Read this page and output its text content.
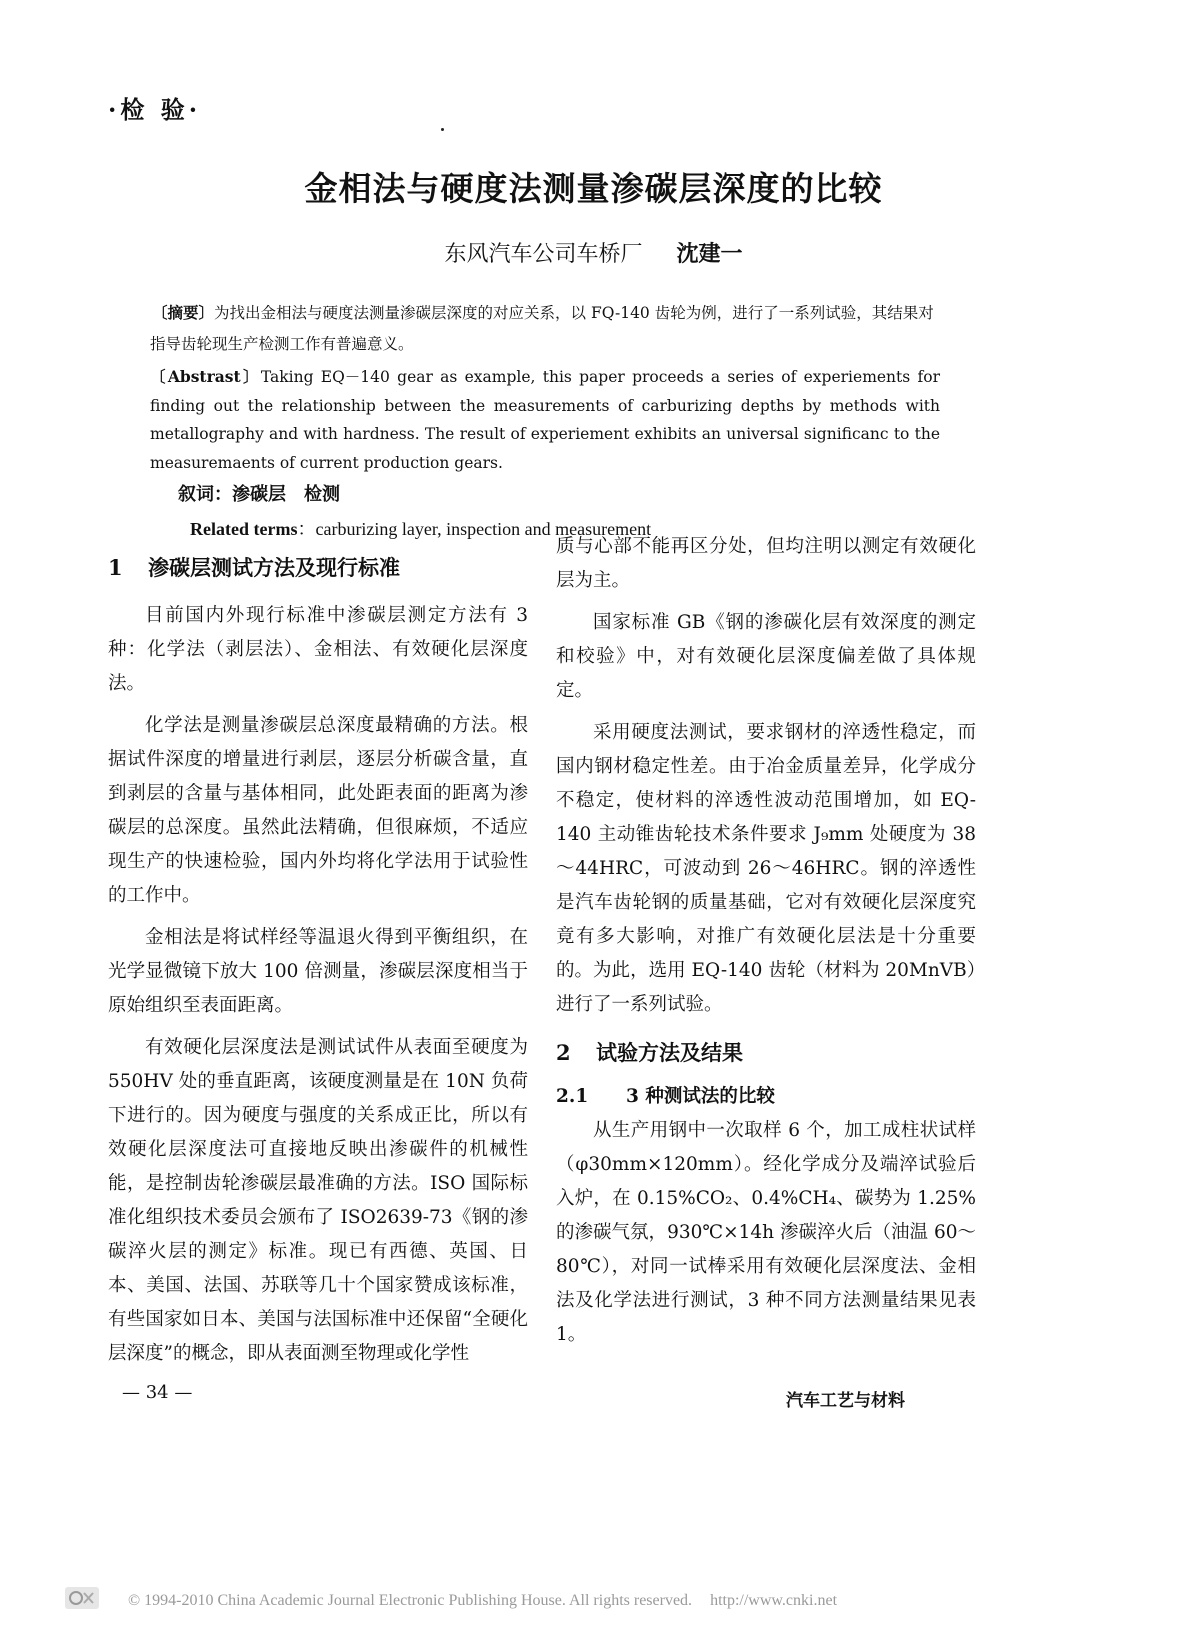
·检 验·
金相法与硬度法测量渗碳层深度的比较
东风汽车公司车桥厂 沈建一
〔摘要〕为找出金相法与硬度法测量渗碳层深度的对应关系，以 FQ-140 齿轮为例，进行了一系列试验，其结果对指导齿轮现生产检测工作有普遍意义。
〔Abstrast〕Taking EQ－140 gear as example, this paper proceeds a series of experiements for finding out the relationship between the measurements of carburizing depths by methods with metallography and with hardness. The result of experiement exhibits an universal significanc to the measuremaents of current production gears.
叙词：渗碳层　检测
Related terms：carburizing layer, inspection and measurement
1 渗碳层测试方法及现行标准

目前国内外现行标准中渗碳层测定方法有 3 种：化学法（剥层法）、金相法、有效硬化层深度法。

化学法是测量渗碳层总深度最精确的方法。根据试件深度的增量进行剥层，逐层分析碳含量，直到剥层的含量与基体相同，此处距表面的距离为渗碳层的总深度。虽然此法精确，但很麻烦，不适应现生产的快速检验，国内外均将化学法用于试验性的工作中。

金相法是将试样经等温退火得到平衡组织，在光学显微镜下放大 100 倍测量，渗碳层深度相当于原始组织至表面距离。

有效硬化层深度法是测试试件从表面至硬度为 550HV 处的垂直距离，该硬度测量是在 10N 负荷下进行的。因为硬度与强度的关系成正比，所以有效硬化层深度法可直接地反映出渗碳件的机械性能，是控制齿轮渗碳层最准确的方法。ISO 国际标准化组织技术委员会颁布了 ISO2639-73《钢的渗碳淬火层的测定》标准。现已有西德、英国、日本、美国、法国、苏联等几十个国家赞成该标准，有些国家如日本、美国与法国标准中还保留“全硬化层深度”的概念，即从表面测至物理或化学性

质与心部不能再区分处，但均注明以测定有效硬化层为主。

国家标准 GB《钢的渗碳化层有效深度的测定和校验》中，对有效硬化层深度偏差做了具体规定。

采用硬度法测试，要求钢材的淬透性稳定，而国内钢材稳定性差。由于冶金质量差异，化学成分不稳定，使材料的淬透性波动范围增加，如 EQ-140 主动锥齿轮技术条件要求 J₉mm 处硬度为 38～44HRC，可波动到 26～46HRC。钢的淬透性是汽车齿轮钢的质量基础，它对有效硬化层深度究竟有多大影响，对推广有效硬化层法是十分重要的。为此，选用 EQ-140 齿轮（材料为 20MnVB）进行了一系列试验。

2 试验方法及结果
2.1 3 种测试法的比较

从生产用钢中一次取样 6 个，加工成柱状试样（φ30mm×120mm）。经化学成分及端淬试验后入炉，在 0.15%CO₂、0.4%CH₄、碳势为 1.25%的渗碳气氛，930℃×14h 渗碳淬火后（油温 60～80℃），对同一试棒采用有效硬化层深度法、金相法及化学法进行测试，3 种不同方法测量结果见表 1。

— 34 —	汽车工艺与材料
© 1994-2010 China Academic Journal Electronic Publishing House. All rights reserved. http://www.cnki.net
